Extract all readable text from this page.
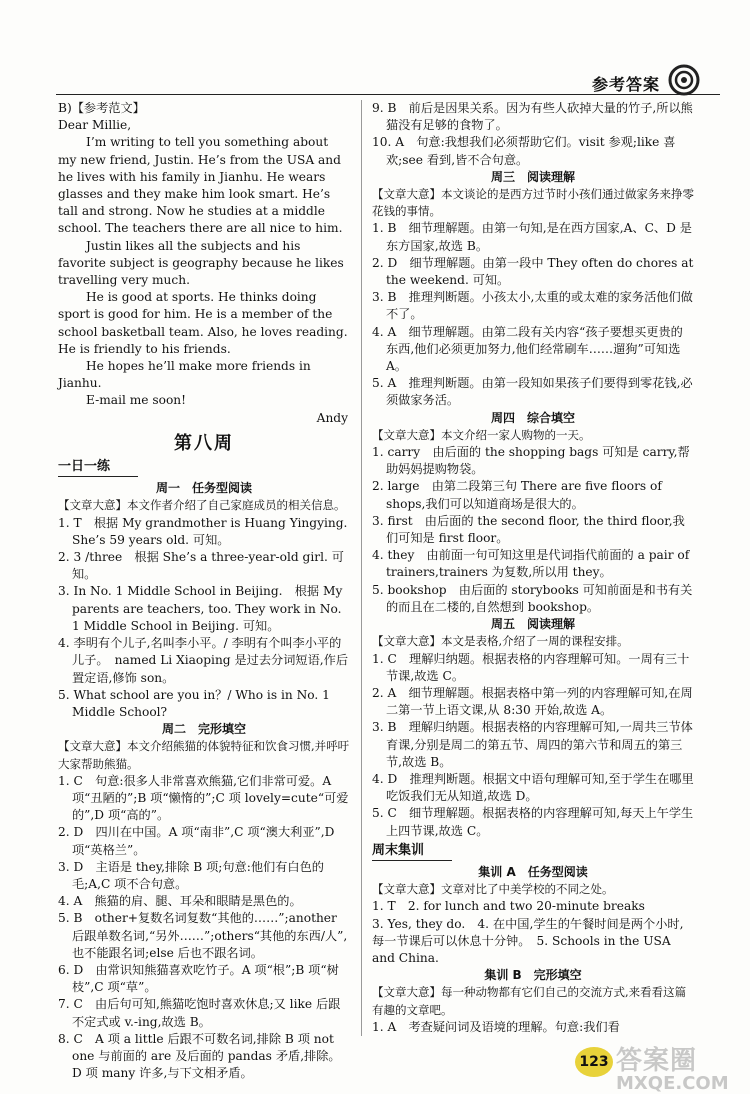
参考答案

B)【参考范文】

Dear Millie,

I’m writing to tell you something about my new friend, Justin. He’s from the USA and he lives with his family in Jianhu. He wears glasses and they make him look smart. He’s tall and strong. Now he studies at a middle school. The teachers there are all nice to him.

Justin likes all the subjects and his favorite subject is geography because he likes travelling very much.

He is good at sports. He thinks doing sport is good for him. He is a member of the school basketball team. Also, he loves reading. He is friendly to his friends.

He hopes he’ll make more friends in Jianhu.

E-mail me soon!

Andy

第八周

一日一练

周一　任务型阅读

【文章大意】本文作者介绍了自己家庭成员的相关信息。

1. T　根据 My grandmother is Huang Yingying. She’s 59 years old. 可知。

2. 3 /three　根据 She’s a three-year-old girl. 可知。

3. In No. 1 Middle School in Beijing.　根据 My parents are teachers, too. They work in No. 1 Middle School in Beijing. 可知。

4. 李明有个儿子,名叫李小平。/ 李明有个叫李小平的儿子。　named Li Xiaoping 是过去分词短语,作后置定语,修饰 son。

5. What school are you in？/ Who is in No. 1 Middle School?

周二　完形填空

【文章大意】本文介绍熊猫的体貌特征和饮食习惯,并呼吁大家帮助熊猫。

1. C　句意:很多人非常喜欢熊猫,它们非常可爱。A 项“丑陋的”;B 项“懒惰的”;C 项 lovely=cute“可爱的”,D 项“高的”。

2. D　四川在中国。A 项“南非”,C 项“澳大利亚”,D 项“英格兰”。

3. D　主语是 they,排除 B 项;句意:他们有白色的毛;A,C 项不合句意。

4. A　熊猫的肩、腿、耳朵和眼睛是黑色的。

5. B　other+复数名词复数“其他的……”;another 后跟单数名词,“另外……”;others“其他的东西/人”,也不能跟名词;else 后也不跟名词。

6. D　由常识知熊猫喜欢吃竹子。A 项“根”;B 项“树枝”,C 项“草”。

7. C　由后句可知,熊猫吃饱时喜欢休息;又 like 后跟不定式或 v.-ing,故选 B。

8. C　A 项 a little 后跟不可数名词,排除 B 项 not one 与前面的 are 及后面的 pandas 矛盾,排除。D 项 many 许多,与下文相矛盾。

9. B　前后是因果关系。因为有些人砍掉大量的竹子,所以熊猫没有足够的食物了。

10. A　句意:我想我们必须帮助它们。visit 参观;like 喜欢;see 看到,皆不合句意。

周三　阅读理解

【文章大意】本文谈论的是西方过节时小孩们通过做家务来挣零花钱的事情。

1. B　细节理解题。由第一句知,是在西方国家,A、C、D 是东方国家,故选 B。

2. D　细节理解题。由第一段中 They often do chores at the weekend. 可知。

3. B　推理判断题。小孩太小,太重的或太难的家务活他们做不了。

4. A　细节理解题。由第二段有关内容“孩子要想买更贵的东西,他们必须更加努力,他们经常刷车……遛狗”可知选 A。

5. A　推理判断题。由第一段知如果孩子们要得到零花钱,必须做家务活。

周四　综合填空

【文章大意】本文介绍一家人购物的一天。

1. carry　由后面的 the shopping bags 可知是 carry,帮助妈妈提购物袋。

2. large　由第二段第三句 There are five floors of shops,我们可以知道商场是很大的。

3. first　由后面的 the second floor, the third floor,我们可知是 first floor。

4. they　由前面一句可知这里是代词指代前面的 a pair of trainers,trainers 为复数,所以用 they。

5. bookshop　由后面的 storybooks 可知前面是和书有关的而且在二楼的,自然想到 bookshop。

周五　阅读理解

【文章大意】本文是表格,介绍了一周的课程安排。

1. C　理解归纳题。根据表格的内容理解可知。一周有三十节课,故选 C。

2. A　细节理解题。根据表格中第一列的内容理解可知,在周二第一节上语文课,从 8:30 开始,故选 A。

3. B　理解归纳题。根据表格的内容理解可知,一周共三节体育课,分别是周二的第五节、周四的第六节和周五的第三节,故选 B。

4. D　推理判断题。根据文中语句理解可知,至于学生在哪里吃饭我们无从知道,故选 D。

5. C　细节理解题。根据表格的内容理解可知,每天上午学生上四节课,故选 C。

周末集训

集训 A　任务型阅读

【文章大意】文章对比了中美学校的不同之处。

1. T　2. for lunch and two 20-minute breaks

3. Yes, they do.　4. 在中国,学生的午餐时间是两个小时,每一节课后可以休息十分钟。　5. Schools in the USA and China.

集训 B　完形填空

【文章大意】每一种动物都有它们自己的交流方式,来看看这篇有趣的文章吧。

1. A　考查疑问词及语境的理解。句意:我们看

123 答案圈
MXQE.COM
